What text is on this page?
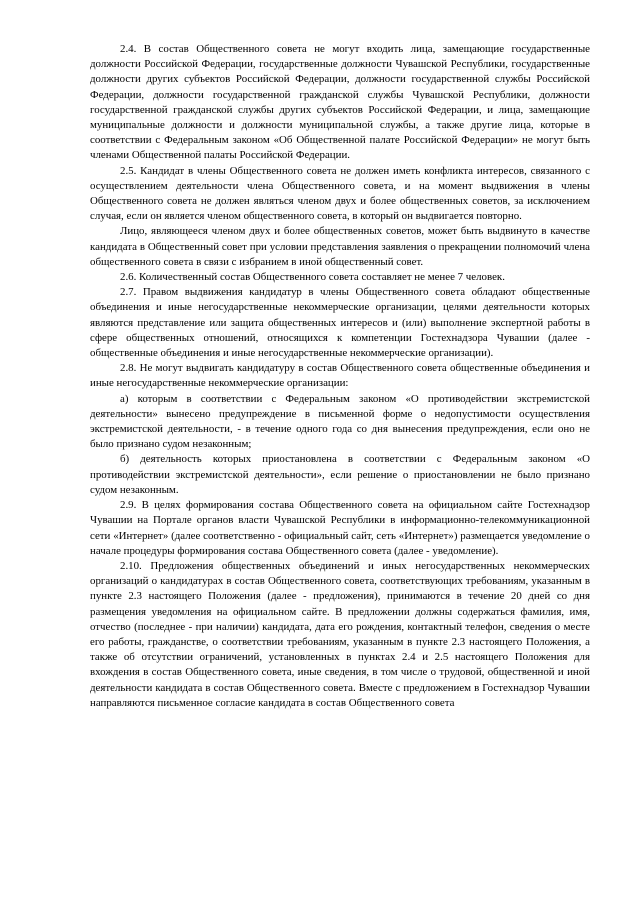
2.4. В состав Общественного совета не могут входить лица, замещающие государственные должности Российской Федерации, государственные должности Чувашской Республики, государственные должности других субъектов Российской Федерации, должности государственной службы Российской Федерации, должности государственной гражданской службы Чувашской Республики, должности государственной гражданской службы других субъектов Российской Федерации, и лица, замещающие муниципальные должности и должности муниципальной службы, а также другие лица, которые в соответствии с Федеральным законом «Об Общественной палате Российской Федерации» не могут быть членами Общественной палаты Российской Федерации.

2.5. Кандидат в члены Общественного совета не должен иметь конфликта интересов, связанного с осуществлением деятельности члена Общественного совета, и на момент выдвижения в члены Общественного совета не должен являться членом двух и более общественных советов, за исключением случая, если он является членом общественного совета, в который он выдвигается повторно.

Лицо, являющееся членом двух и более общественных советов, может быть выдвинуто в качестве кандидата в Общественный совет при условии представления заявления о прекращении полномочий члена общественного совета в связи с избранием в иной общественный совет.

2.6. Количественный состав Общественного совета составляет не менее 7 человек.

2.7. Правом выдвижения кандидатур в члены Общественного совета обладают общественные объединения и иные негосударственные некоммерческие организации, целями деятельности которых являются представление или защита общественных интересов и (или) выполнение экспертной работы в сфере общественных отношений, относящихся к компетенции Гостехнадзора Чувашии (далее - общественные объединения и иные негосударственные некоммерческие организации).

2.8. Не могут выдвигать кандидатуру в состав Общественного совета общественные объединения и иные негосударственные некоммерческие организации:

а) которым в соответствии с Федеральным законом «О противодействии экстремистской деятельности» вынесено предупреждение в письменной форме о недопустимости осуществления экстремистской деятельности, - в течение одного года со дня вынесения предупреждения, если оно не было признано судом незаконным;

б) деятельность которых приостановлена в соответствии с Федеральным законом «О противодействии экстремистской деятельности», если решение о приостановлении не было признано судом незаконным.

2.9. В целях формирования состава Общественного совета на официальном сайте Гостехнадзор Чувашии на Портале органов власти Чувашской Республики в информационно-телекоммуникационной сети «Интернет» (далее соответственно - официальный сайт, сеть «Интернет») размещается уведомление о начале процедуры формирования состава Общественного совета (далее - уведомление).

2.10. Предложения общественных объединений и иных негосударственных некоммерческих организаций о кандидатурах в состав Общественного совета, соответствующих требованиям, указанным в пункте 2.3 настоящего Положения (далее - предложения), принимаются в течение 20 дней со дня размещения уведомления на официальном сайте. В предложении должны содержаться фамилия, имя, отчество (последнее - при наличии) кандидата, дата его рождения, контактный телефон, сведения о месте его работы, гражданстве, о соответствии требованиям, указанным в пункте 2.3 настоящего Положения, а также об отсутствии ограничений, установленных в пунктах 2.4 и 2.5 настоящего Положения для вхождения в состав Общественного совета, иные сведения, в том числе о трудовой, общественной и иной деятельности кандидата в состав Общественного совета. Вместе с предложением в Гостехнадзор Чувашии направляются письменное согласие кандидата в состав Общественного совета
